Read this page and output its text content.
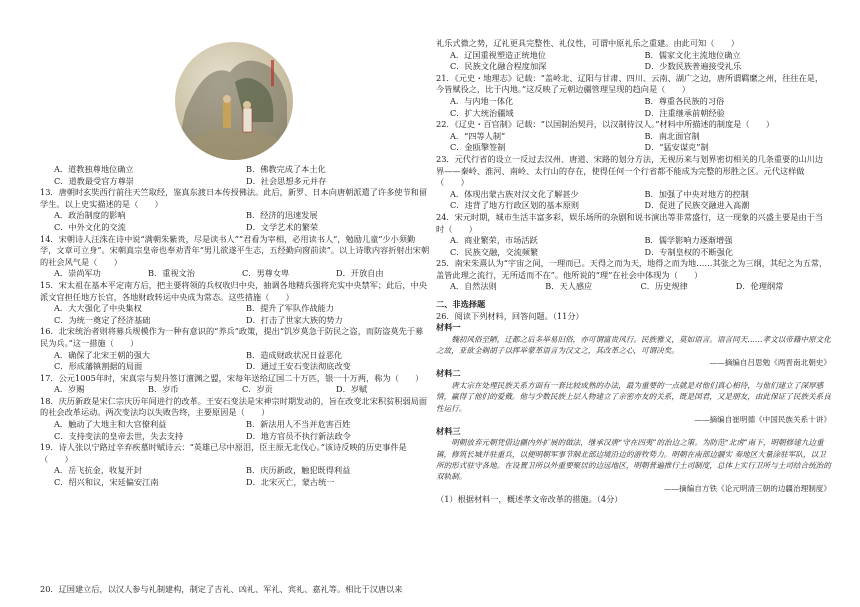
A．道教独尊地位确立	B．佛教完成了本土化
C．道教最受官方尊崇	D．社会思想多元并存

13．唐朝时玄奘西行前往天竺取经，鉴真东渡日本传授佛法。此后，新罗、日本向唐朝派遣了许多使节和留学生。以上史实描述的是（　　）

A．政治制度的影响	B．经济的迅速发展
C．中外文化的交流	D．文学艺术的繁荣

14．宋朝诗人汪洙在诗中说“满朝朱紫贵，尽是读书人”“君看为宰相，必用读书人”，勉励儿童“少小须勤学，文章可立身”。宋朝真宗皇帝也奉劝青年“男儿欲遂平生志，五经勤向窗前读”。以上诗歌内容折射出宋朝的社会风气是（　　）

A．崇尚军功	B．重视文治	C．男尊女卑	D．开放自由

15．宋太祖在基本平定南方后，把主要将领的兵权收归中央，抽调各地精兵强将充实中央禁军；此后，中央派文官担任地方长官，各地财政转运中央成为常态。这些措施（　　）

A．大大强化了中央集权	B．提升了军队作战能力
C．为统一奠定了经济基础	D．打击了世家大族的势力

16．北宋统治者则将募兵规模作为一种有意识的“养兵”政策，提出“饥岁莫急于防民之盗，而防盗莫先于募民为兵。”这一措施（　　）

A．确保了北宋王朝的强大	B．造成财政状况日益恶化
C．形成藩镇割据的局面	D．通过王安石变法彻底改变

17．公元1005年时，宋真宗与契丹签订澶渊之盟，宋每年送给辽国二十万匹，银一十万两，称为（　　）

A．岁赐	B．岁币	C．岁贡	D．岁赋

18．庆历新政是宋仁宗庆历年间进行的改革。王安石变法是宋神宗时期发动的，旨在改变北宋积贫积弱局面的社会改革运动。两次变法均以失败告终，主要原因是（　　）

A．触动了大地主和大官僚利益	B．新法用人不当并危害百姓
C．支持变法的皇帝去世，失去支持	D．地方官员不执行新法政令

19．诗人张以宁路过辛弃疾墓时赋诗云：“英雄已尽中原泪，臣主原无北伐心。”该诗反映的历史事件是（　　）

A．岳飞抗金，收复开封	B．庆历新政，触犯既得利益
C．绍兴和议，宋廷偏安江南	D．北宋灭亡，蒙古统一

20．辽国建立后，以汉人参与礼制建构，制定了吉礼、凶礼、军礼、宾礼、嘉礼等。相比于汉唐以来

礼乐式微之势，辽礼更具完整性、礼仪性，可谓中原礼乐之重建。由此可知（　　）

A．辽国重视塑造正统地位	B．儒家文化主流地位确立
C．民族文化融合程度加深	D．少数民族普遍接受礼乐

21．《元史・地理志》记载：“盖岭北、辽阳与甘肃、四川、云南、湖广之边，唐所谓羁縻之州，往往在是，今皆赋役之，比于内地。”这反映了元朝边疆管理呈现的趋向是（　　）

A．与内地一体化	B．尊重各民族的习俗
C．扩大统治疆域	D．注重继承前朝经验

22．《辽史・百官制》记载：“以国制治契丹，以汉制待汉人。”材料中所描述的制度是（　　）

A．“四等人制”	B．南北面官制
C．金瓯擎签制	D．“猛安谋克”制

23．元代行省的设立一反过去汉州、唐道、宋路的划分方法，无视历来与划界密切相关的几条重要的山川边界——秦岭、淮河、南岭、太行山的存在，使得任何一个行省都不能成为完整的形胜之区。元代这样做（　　）

A．体现出蒙古族对汉文化了解甚少	B．加强了中央对地方的控制
C．违背了地方行政区划的基本原则	D．促进了民族交融进入高潮

24．宋元时期，城市生活丰富多彩，娱乐场所的杂剧和说书演出等非常盛行，这一现象的兴盛主要是由于当时（　　）

A．商业繁荣，市场活跃	B．儒学影响力逐渐增强
C．民族交融，交流频繁	D．专制皇权的不断强化

25．南宋朱熹认为“宇宙之间，一理而已。天得之而为天，地得之而为地……其张之为三纲，其纪之为五常，盖皆此理之流行，无所适而不在”。他所说的“理”在社会中体现为（　　）

A．自然法则	B．天人感应	C．历史规律	D．伦理纲常
二、非选择题

26．阅读下列材料，回答问题。（11分）

材料一

魏初风俗至陋，迁都之后多举易旧俗，亦可谓富贵风行。民族雅义，莫如语言。语言同天……孝文以帝籍中原文化之故，亚欲全剃胡子以挥举蒙革语言为汉文之，其改革之心，可谓决矣。

——摘编自吕思勉《两晋南北朝史》
材料二

唐太宗在处理民族关系方面有一套比较成熟的办法，最为重要的一点就是对他们真心相待，与他们建立了深厚感情，赢得了他们的爱戴。他与少数民族上层人物建立了亲密亦友的关系，既是国君，又是朋友，由此保证了民族关系良性运行。

——摘编自崔明德《中国民族关系十讲》
材料三

明朝放弃元朝凭借边疆内外扩展的做法，继承汉唐“守在四夷”的治边之策。为防范“北虏”南下，明朝修建九边重镇，修筑长城并驻重兵，以便明朝军事节制北部边境沿边的游牧势力。明朝在南部边疆实 奏地区大量涂驻军队，以卫所的形式驻守各地。在设置卫所以外重要聚居的边远地区，明朝普遍推行土司制度，总体上实行卫所与土司结合统治的双轨制。

——摘编自方铁《论元明清三朝的边疆治理制度》

（1）根据材料一，概述孝文帝改革的措施。（4分）
